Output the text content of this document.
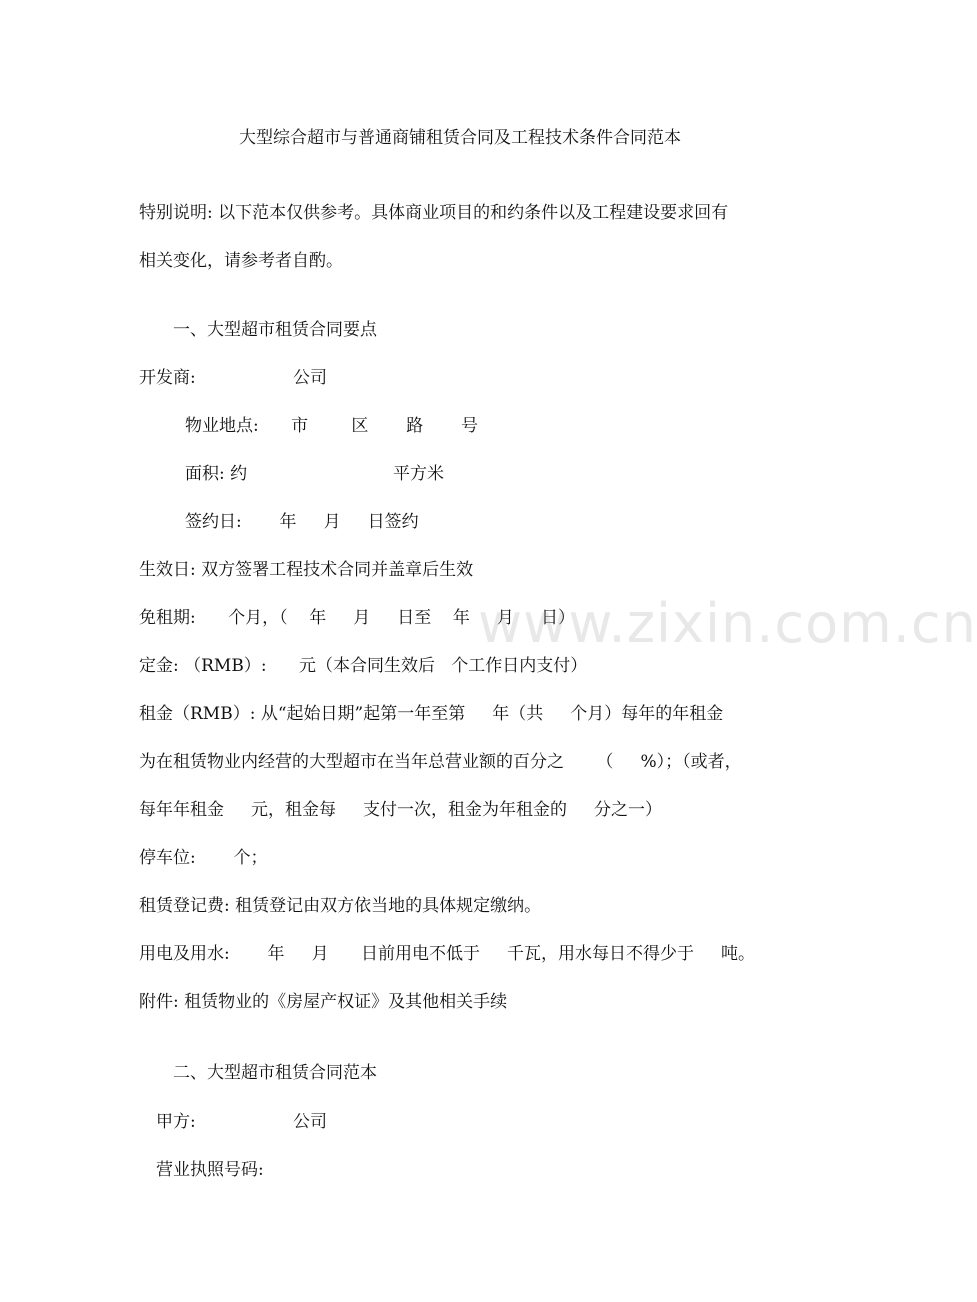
大型综合超市与普通商铺租赁合同及工程技术条件合同范本
特别说明: 以下范本仅供参考。具体商业项目的和约条件以及工程建设要求回有
相关变化，请参考者自酌。
一、大型超市租赁合同要点
开发商:                  公司
物业地点:      市        区       路       号
面积: 约                           平方米
签约日:       年     月     日签约
生效日: 双方签署工程技术合同并盖章后生效
免租期:      个月，（    年     月     日至    年     月     日）
定金: （RMB）:      元（本合同生效后   个工作日内支付）
租金（RMB）: 从“起始日期”起第一年至第     年（共     个月）每年的年租金
为在租赁物业内经营的大型超市在当年总营业额的百分之      （     %）；（或者，
每年年租金     元，租金每     支付一次，租金为年租金的     分之一）
停车位:       个；
租赁登记费: 租赁登记由双方依当地的具体规定缴纳。
用电及用水:       年     月      日前用电不低于     千瓦，用水每日不得少于     吨。
附件: 租赁物业的《房屋产权证》及其他相关手续
二、大型超市租赁合同范本
甲方:                  公司
营业执照号码:
www.zixin.com.cn
